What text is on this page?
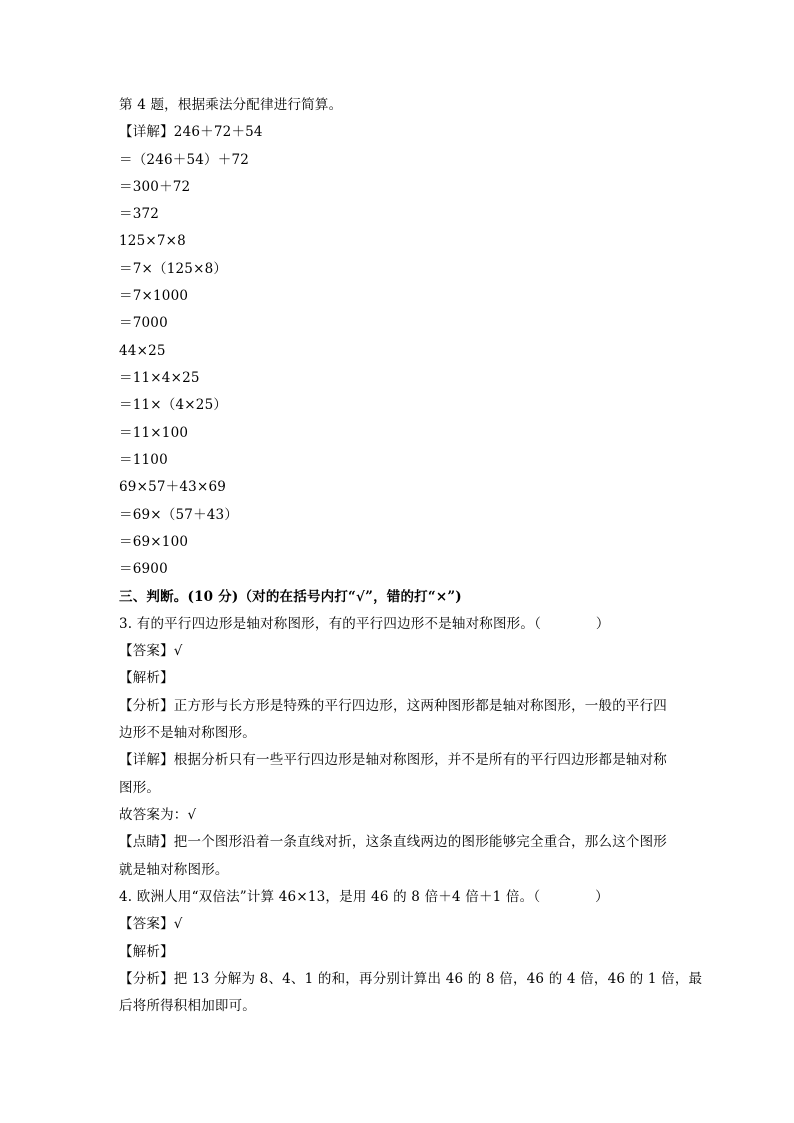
第 4 题，根据乘法分配律进行简算。
【详解】246＋72＋54
＝（246＋54）＋72
＝300＋72
＝372
125×7×8
＝7×（125×8）
＝7×1000
＝7000
44×25
＝11×4×25
＝11×（4×25）
＝11×100
＝1100
69×57＋43×69
＝69×（57＋43）
＝69×100
＝6900
三、判断。(10 分)（对的在括号内打“√”，错的打“×”)
3. 有的平行四边形是轴对称图形，有的平行四边形不是轴对称图形。（　　　　）
【答案】√
【解析】
【分析】正方形与长方形是特殊的平行四边形，这两种图形都是轴对称图形，一般的平行四
边形不是轴对称图形。
【详解】根据分析只有一些平行四边形是轴对称图形，并不是所有的平行四边形都是轴对称
图形。
故答案为：√
【点睛】把一个图形沿着一条直线对折，这条直线两边的图形能够完全重合，那么这个图形
就是轴对称图形。
4. 欧洲人用“双倍法”计算 46×13，是用 46 的 8 倍＋4 倍＋1 倍。（　　　　）
【答案】√
【解析】
【分析】把 13 分解为 8、4、1 的和，再分别计算出 46 的 8 倍，46 的 4 倍，46 的 1 倍，最
后将所得积相加即可。
